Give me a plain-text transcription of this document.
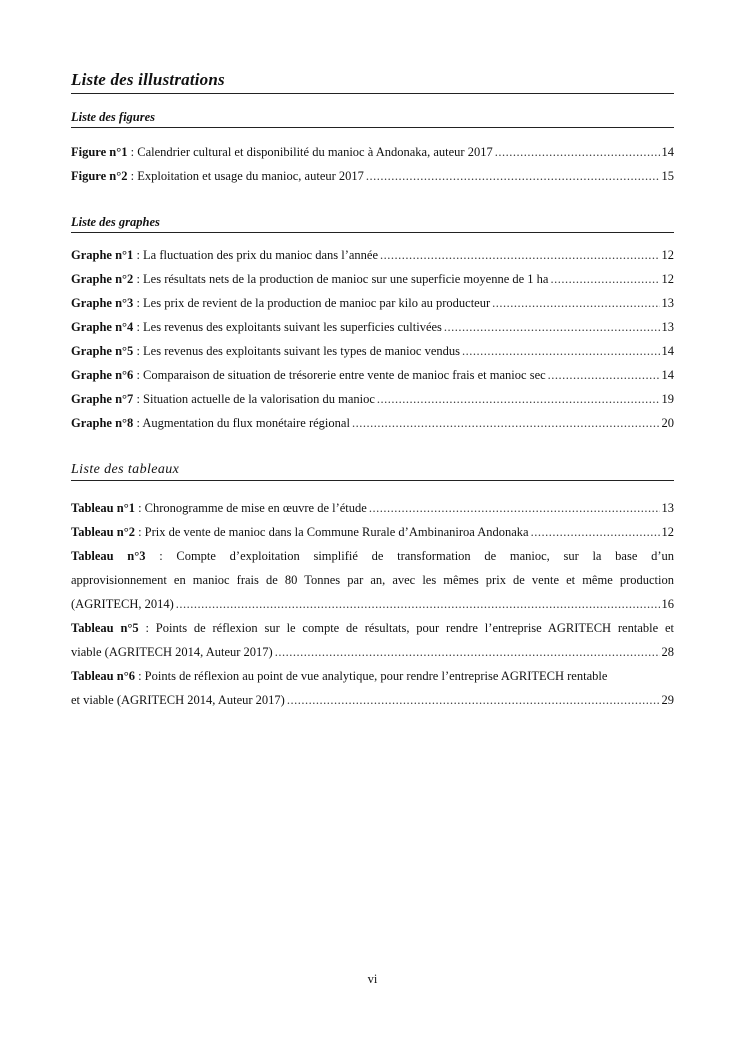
Liste des illustrations
Liste des figures
Figure n°1 : Calendrier cultural et disponibilité du manioc à Andonaka, auteur 2017 .....	14
Figure n°2 : Exploitation et usage du manioc, auteur 2017 .....	15
Liste des graphes
Graphe n°1 : La fluctuation des prix du manioc dans l’année .....	12
Graphe n°2 : Les résultats nets de la production de manioc sur une superficie moyenne de 1 ha .....	12
Graphe n°3 : Les prix de revient de la production de manioc par kilo au producteur .....	13
Graphe n°4 : Les revenus des exploitants suivant les superficies cultivées .....	13
Graphe n°5 : Les revenus des exploitants suivant les types de manioc vendus .....	14
Graphe n°6 : Comparaison de situation de trésorerie entre vente de manioc frais et manioc sec .....	14
Graphe n°7 : Situation actuelle de la valorisation du manioc .....	19
Graphe n°8 : Augmentation du flux monétaire régional .....	20
Liste des tableaux
Tableau n°1 : Chronogramme de mise en œuvre de l’étude .....	13
Tableau n°2 : Prix de vente de manioc dans la Commune Rurale d’Ambinaniroa Andonaka .....	12
Tableau n°3 : Compte d’exploitation simplifié de transformation de manioc, sur la base d’un
approvisionnement en manioc frais de 80 Tonnes par an, avec les mêmes prix de vente et même production
(AGRITECH, 2014) .....	16
Tableau n°5 : Points de réflexion sur le compte de résultats, pour rendre l’entreprise AGRITECH rentable et
viable (AGRITECH 2014, Auteur 2017) .....	28
Tableau n°6 : Points de réflexion au point de vue analytique, pour rendre l’entreprise AGRITECH rentable
et viable (AGRITECH 2014, Auteur 2017) .....	29
vi
